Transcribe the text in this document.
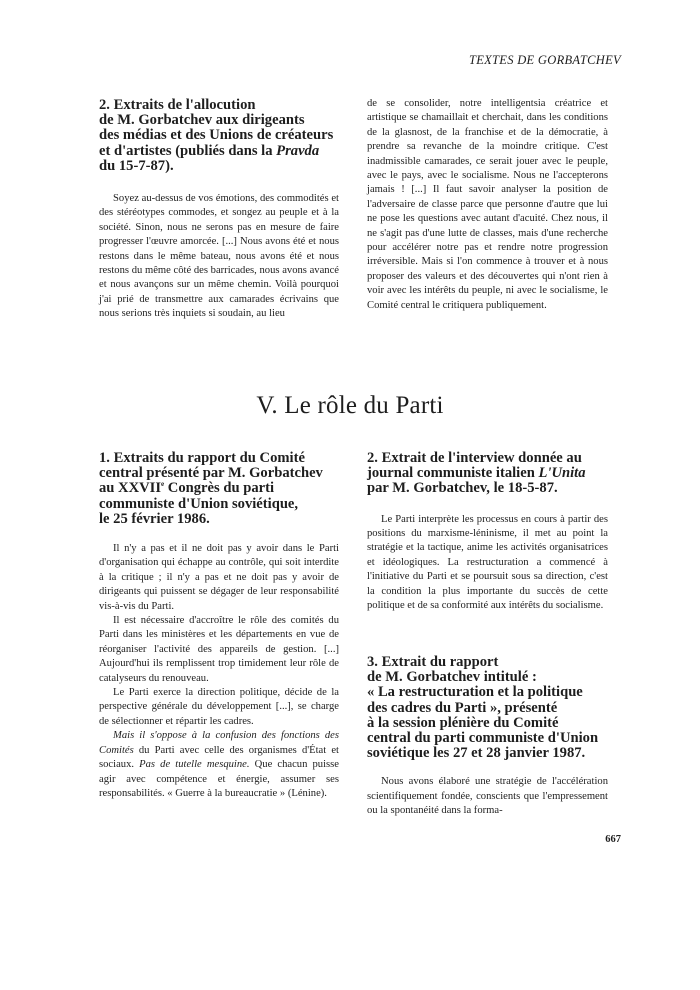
TEXTES DE GORBATCHEV
2. Extraits de l'allocution
de M. Gorbatchev aux dirigeants
des médias et des Unions de créateurs
et d'artistes (publiés dans la Pravda
du 15-7-87).

Soyez au-dessus de vos émotions, des commodités et des stéréotypes commodes, et songez au peuple et à la société. Sinon, nous ne serons pas en mesure de faire progresser l'œuvre amorcée. [...] Nous avons été et nous restons dans le même bateau, nous avons été et nous restons du même côté des barricades, nous avons avancé et nous avançons sur un même chemin. Voilà pourquoi j'ai prié de transmettre aux camarades écrivains que nous serions très inquiets si soudain, au lieu

de se consolider, notre intelligentsia créatrice et artistique se chamaillait et cherchait, dans les conditions de la glasnost, de la franchise et de la démocratie, à prendre sa revanche de la moindre critique. C'est inadmissible camarades, ce serait jouer avec le peuple, avec le pays, avec le socialisme. Nous ne l'accepterons jamais ! [...] Il faut savoir analyser la position de l'adversaire de classe parce que personne d'autre que lui ne pose les questions avec autant d'acuité. Chez nous, il ne s'agit pas d'une lutte de classes, mais d'une recherche pour accélérer notre pas et rendre notre progression irréversible. Mais si l'on commence à trouver et à nous proposer des valeurs et des découvertes qui n'ont rien à voir avec les intérêts du peuple, ni avec le socialisme, le Comité central le critiquera publiquement.

V. Le rôle du Parti
1. Extraits du rapport du Comité
central présenté par M. Gorbatchev
au XXVIIe Congrès du parti
communiste d'Union soviétique,
le 25 février 1986.

Il n'y a pas et il ne doit pas y avoir dans le Parti d'organisation qui échappe au contrôle, qui soit interdite à la critique ; il n'y a pas et ne doit pas y avoir de dirigeants qui puissent se dégager de leur responsabilité vis-à-vis du Parti.

Il est nécessaire d'accroître le rôle des comités du Parti dans les ministères et les départements en vue de réorganiser l'activité des appareils de gestion. [...] Aujourd'hui ils remplissent trop timidement leur rôle de catalyseurs du renouveau.

Le Parti exerce la direction politique, décide de la perspective générale du développement [...], se charge de sélectionner et répartir les cadres.

Mais il s'oppose à la confusion des fonctions des Comités du Parti avec celle des organismes d'État et sociaux. Pas de tutelle mesquine. Que chacun puisse agir avec compétence et énergie, assumer ses responsabilités. « Guerre à la bureaucratie » (Lénine).

2. Extrait de l'interview donnée au
journal communiste italien L'Unita
par M. Gorbatchev, le 18-5-87.

Le Parti interprète les processus en cours à partir des positions du marxisme-léninisme, il met au point la stratégie et la tactique, anime les activités organisatrices et idéologiques. La restructuration a commencé à l'initiative du Parti et se poursuit sous sa direction, c'est la condition la plus importante du succès de cette politique et de sa conformité aux intérêts du socialisme.

3. Extrait du rapport
de M. Gorbatchev intitulé :
« La restructuration et la politique
des cadres du Parti », présenté
à la session plénière du Comité
central du parti communiste d'Union
soviétique les 27 et 28 janvier 1987.

Nous avons élaboré une stratégie de l'accélération scientifiquement fondée, conscients que l'empressement ou la spontanéité dans la forma-

667
